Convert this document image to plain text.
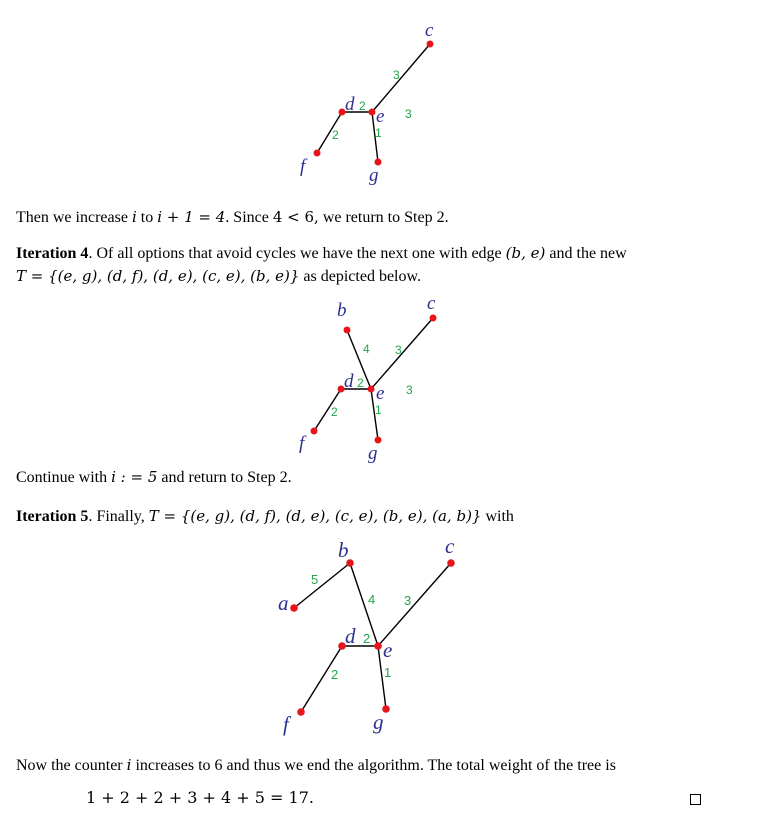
c
d
e
f	g
3
2
2	1
3
Then we increase i to i + 1 = 4. Since 4 < 6, we return to Step 2.
Iteration 4. Of all options that avoid cycles we have the next one with edge (b, e) and the new
T = {(e, g), (d, f), (d, e), (c, e), (b, e)} as depicted below.
b	c
d
e
f	g
4 3
2
2	1
3
Continue with i : = 5 and return to Step 2.
Iteration 5. Finally, T = {(e, g), (d, f), (d, e), (c, e), (b, e), (a, b)} with
a
b	c
d
e
f	g
5
4 3
2
2	1
Now the counter i increases to 6 and thus we end the algorithm. The total weight of the tree is
1 + 2 + 2 + 3 + 4 + 5 = 17.
